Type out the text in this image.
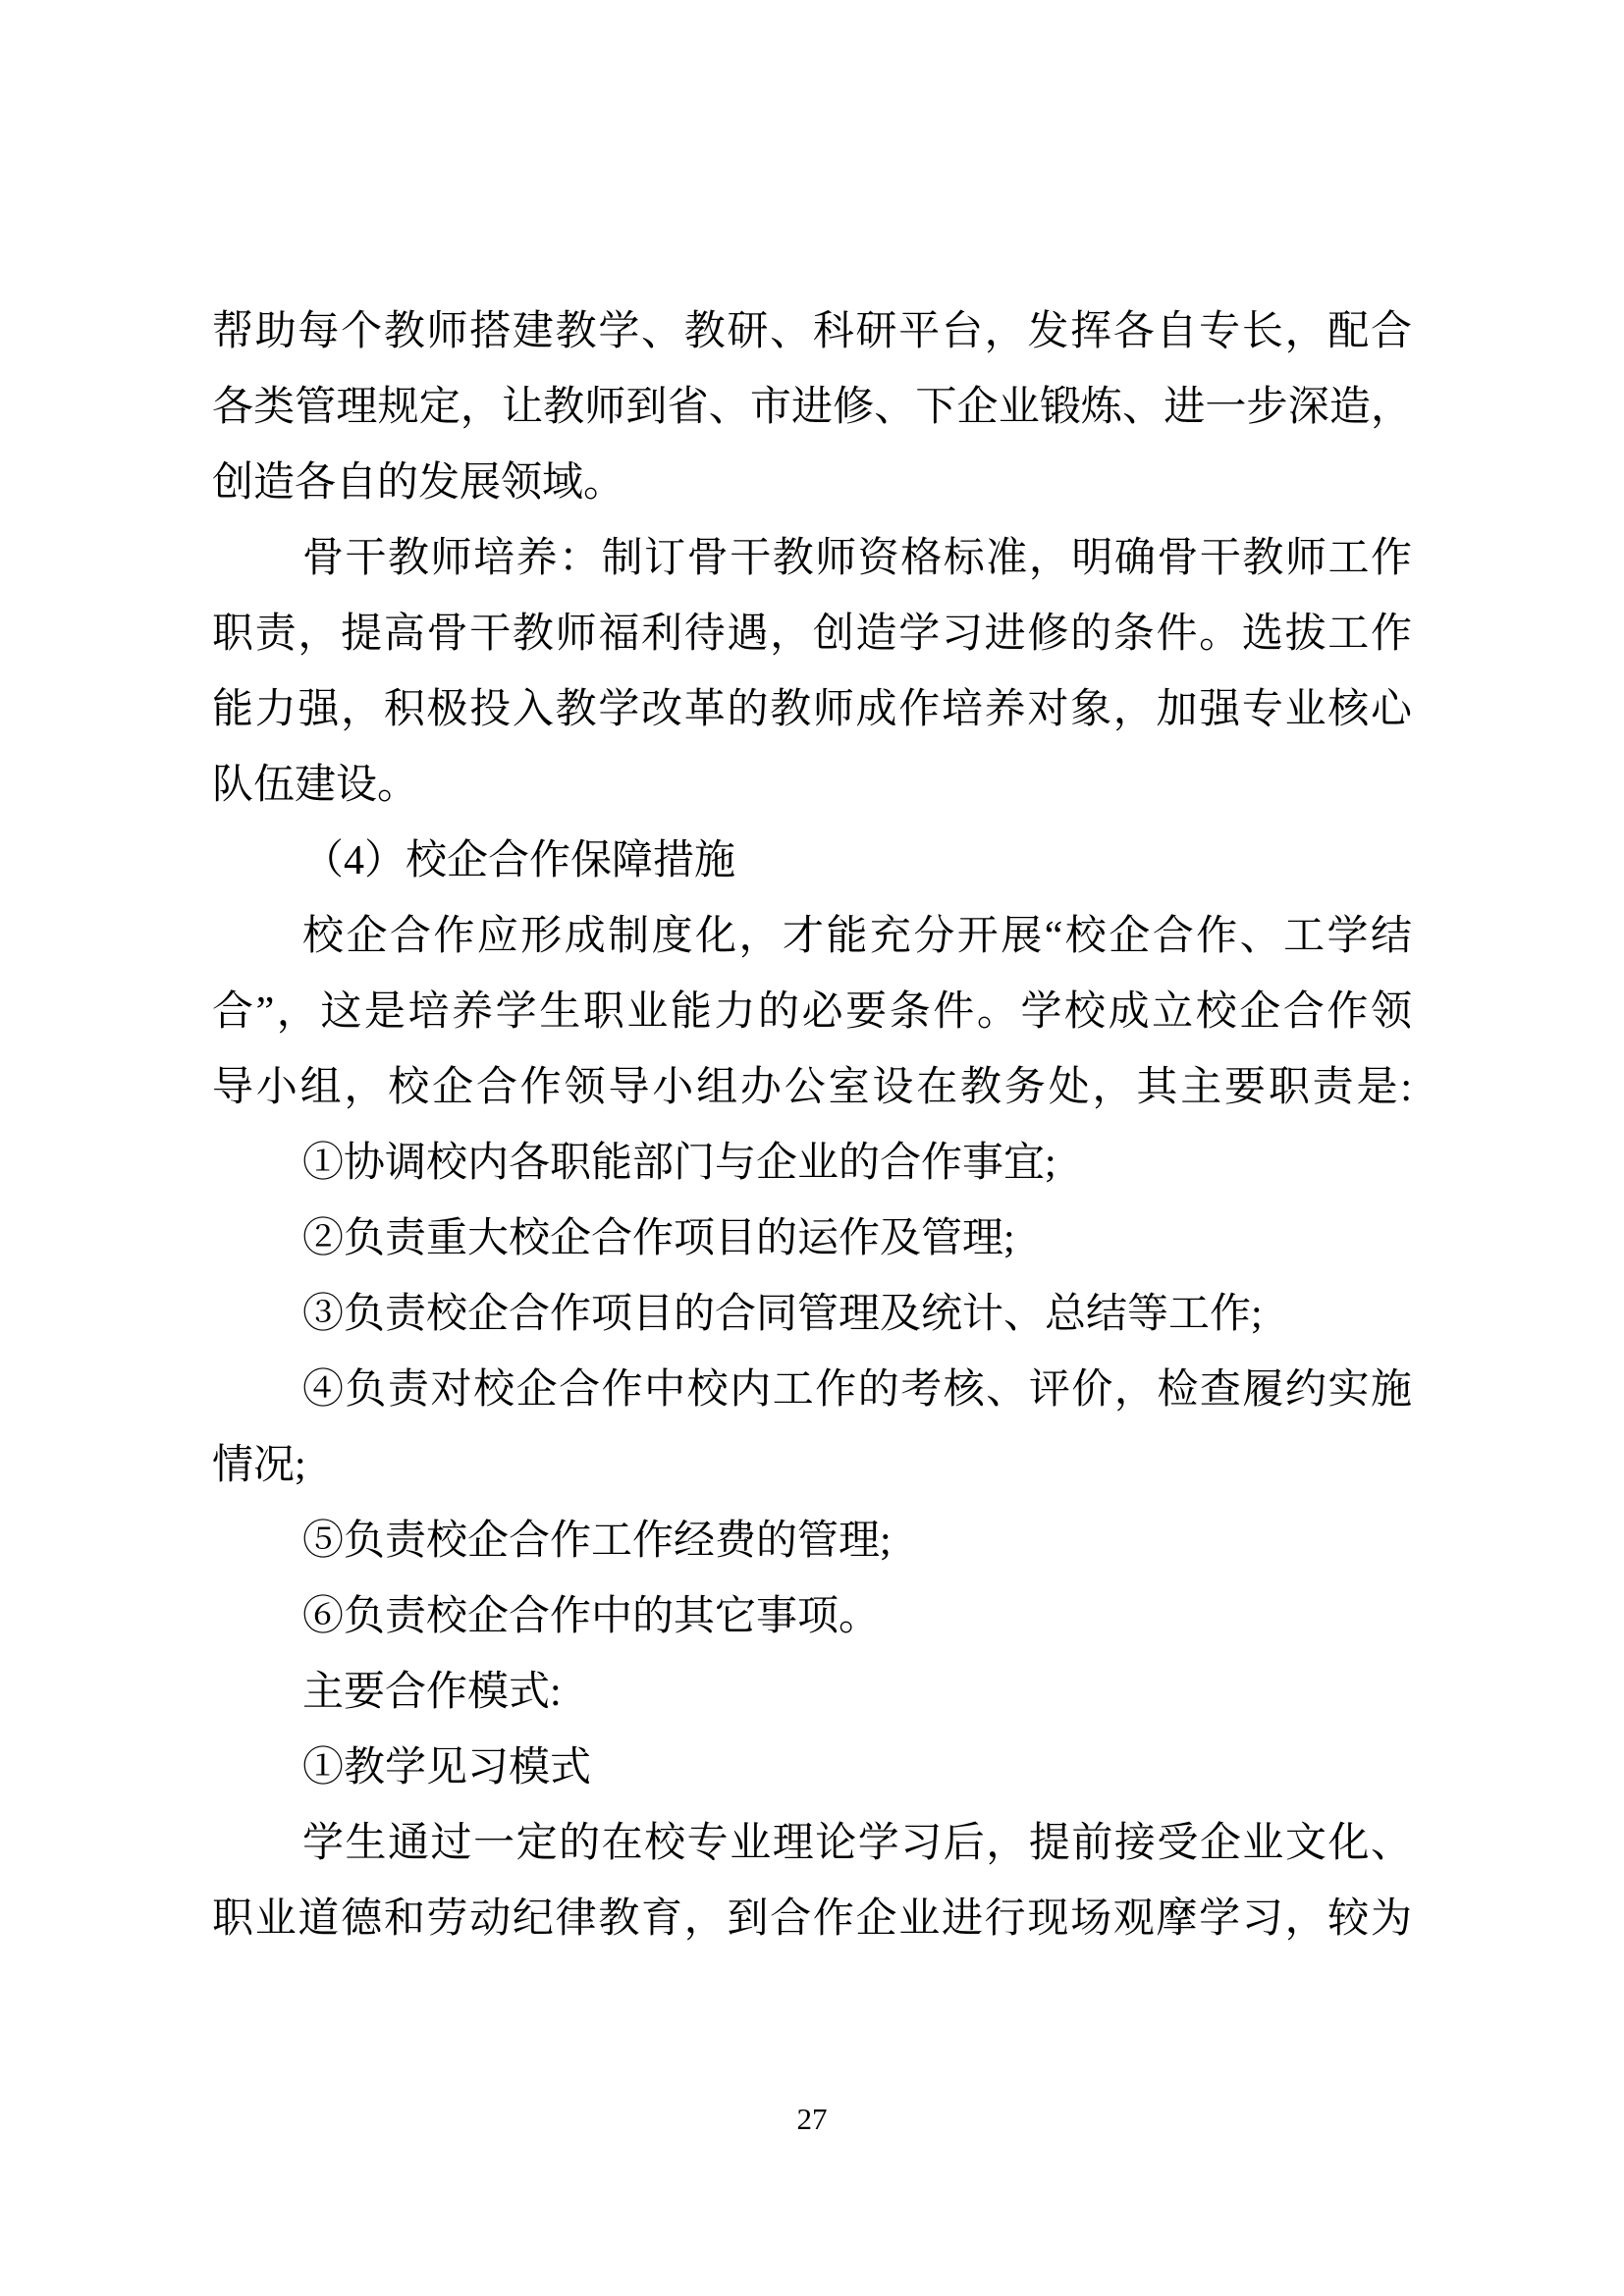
帮助每个教师搭建教学、教研、科研平台，发挥各自专长，配合
各类管理规定，让教师到省、市进修、下企业锻炼、进一步深造，
创造各自的发展领域。
骨干教师培养：制订骨干教师资格标准，明确骨干教师工作
职责，提高骨干教师福利待遇，创造学习进修的条件。选拔工作
能力强，积极投入教学改革的教师成作培养对象，加强专业核心
队伍建设。
（4）校企合作保障措施
校企合作应形成制度化，才能充分开展“校企合作、工学结
合”，这是培养学生职业能力的必要条件。学校成立校企合作领
导小组，校企合作领导小组办公室设在教务处，其主要职责是:
①协调校内各职能部门与企业的合作事宜;
②负责重大校企合作项目的运作及管理;
③负责校企合作项目的合同管理及统计、总结等工作;
④负责对校企合作中校内工作的考核、评价，检查履约实施
情况;
⑤负责校企合作工作经费的管理;
⑥负责校企合作中的其它事项。
主要合作模式:
①教学见习模式
学生通过一定的在校专业理论学习后，提前接受企业文化、
职业道德和劳动纪律教育，到合作企业进行现场观摩学习，较为
27
